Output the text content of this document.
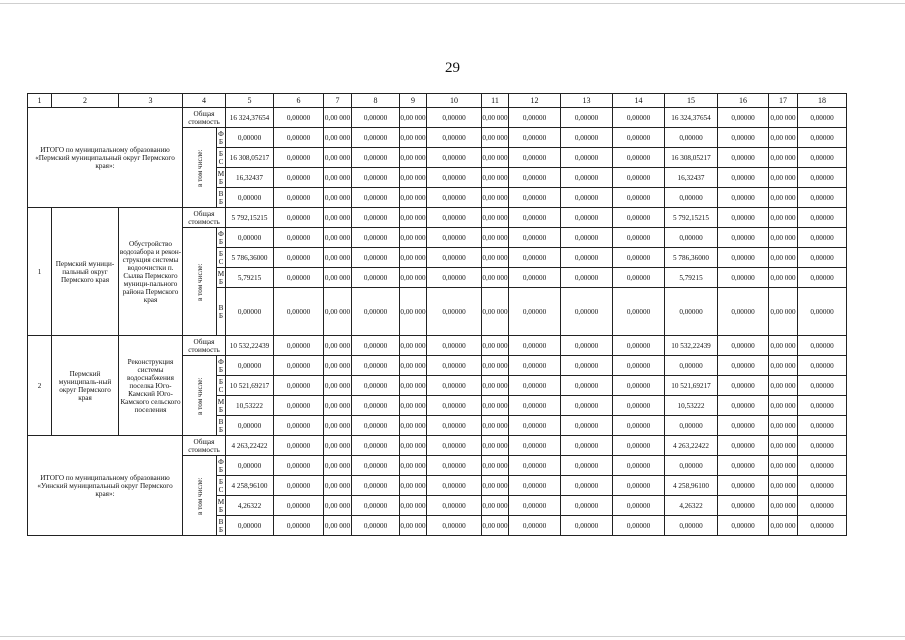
29
1	2	3	4		5	6	7	8	9	10	11	12	13	14	15	16	17	18
ИТОГО по муниципальному образованию «Пермский муниципальный округ Пермского края»:			Общая стоимость		16 324,37654	0,00000	0,00 000	0,00000	0,00 000	0,00000	0,00 000	0,00000	0,00000	0,00000	16 324,37654	0,00000	0,00 000	0,00000
			в том числе:	ФБ	0,00000	0,00000	0,00 000	0,00000	0,00 000	0,00000	0,00 000	0,00000	0,00000	0,00000	0,00000	0,00000	0,00 000	0,00000
				БС	16 308,05217	0,00000	0,00 000	0,00000	0,00 000	0,00000	0,00 000	0,00000	0,00000	0,00000	16 308,05217	0,00000	0,00 000	0,00000
				МБ	16,32437	0,00000	0,00 000	0,00000	0,00 000	0,00000	0,00 000	0,00000	0,00000	0,00000	16,32437	0,00000	0,00 000	0,00000
				ВБ	0,00000	0,00000	0,00 000	0,00000	0,00 000	0,00000	0,00 000	0,00000	0,00000	0,00000	0,00000	0,00000	0,00 000	0,00000
1	Пермский муници-пальный округ Пермского края	Обустройство водозабора и рекон-струкция системы водоочистки п. Сылва Пермского муници-пального района Пермского края	Общая стоимость		5 792,15215	0,00000	0,00 000	0,00000	0,00 000	0,00000	0,00 000	0,00000	0,00000	0,00000	5 792,15215	0,00000	0,00 000	0,00000
			в том числе:	ФБ	0,00000	0,00000	0,00 000	0,00000	0,00 000	0,00000	0,00 000	0,00000	0,00000	0,00000	0,00000	0,00000	0,00 000	0,00000
				БС	5 786,36000	0,00000	0,00 000	0,00000	0,00 000	0,00000	0,00 000	0,00000	0,00000	0,00000	5 786,36000	0,00000	0,00 000	0,00000
				МБ	5,79215	0,00000	0,00 000	0,00000	0,00 000	0,00000	0,00 000	0,00000	0,00000	0,00000	5,79215	0,00000	0,00 000	0,00000
				ВБ	0,00000	0,00000	0,00 000	0,00000	0,00 000	0,00000	0,00 000	0,00000	0,00000	0,00000	0,00000	0,00000	0,00 000	0,00000
2	Пермский муниципаль-ный округ Пермского края	Реконструкция системы водоснабжения поселка Юго-Камский Юго-Камского сельского поселения	Общая стоимость		10 532,22439	0,00000	0,00 000	0,00000	0,00 000	0,00000	0,00 000	0,00000	0,00000	0,00000	10 532,22439	0,00000	0,00 000	0,00000
			в том числе:	ФБ	0,00000	0,00000	0,00 000	0,00000	0,00 000	0,00000	0,00 000	0,00000	0,00000	0,00000	0,00000	0,00000	0,00 000	0,00000
				БС	10 521,69217	0,00000	0,00 000	0,00000	0,00 000	0,00000	0,00 000	0,00000	0,00000	0,00000	10 521,69217	0,00000	0,00 000	0,00000
				МБ	10,53222	0,00000	0,00 000	0,00000	0,00 000	0,00000	0,00 000	0,00000	0,00000	0,00000	10,53222	0,00000	0,00 000	0,00000
				ВБ	0,00000	0,00000	0,00 000	0,00000	0,00 000	0,00000	0,00 000	0,00000	0,00000	0,00000	0,00000	0,00000	0,00 000	0,00000
ИТОГО по муниципальному образованию «Уинский муниципальный округ Пермского края»:			Общая стоимость		4 263,22422	0,00000	0,00 000	0,00000	0,00 000	0,00000	0,00 000	0,00000	0,00000	0,00000	4 263,22422	0,00000	0,00 000	0,00000
			в том числе:	ФБ	0,00000	0,00000	0,00 000	0,00000	0,00 000	0,00000	0,00 000	0,00000	0,00000	0,00000	0,00000	0,00000	0,00 000	0,00000
				БС	4 258,96100	0,00000	0,00 000	0,00000	0,00 000	0,00000	0,00 000	0,00000	0,00000	0,00000	4 258,96100	0,00000	0,00 000	0,00000
				МБ	4,26322	0,00000	0,00 000	0,00000	0,00 000	0,00000	0,00 000	0,00000	0,00000	0,00000	4,26322	0,00000	0,00 000	0,00000
				ВБ	0,00000	0,00000	0,00 000	0,00000	0,00 000	0,00000	0,00 000	0,00000	0,00000	0,00000	0,00000	0,00000	0,00 000	0,00000
